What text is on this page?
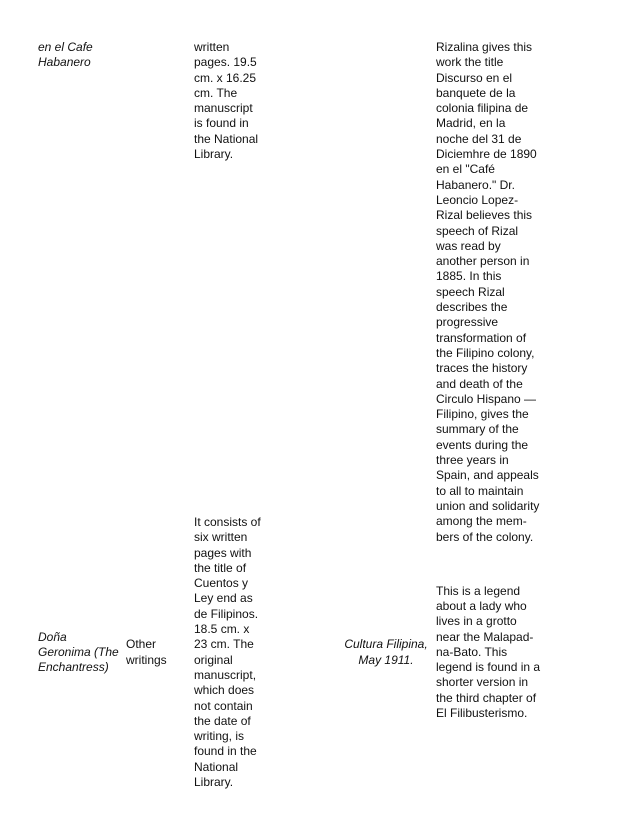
en el Cafe
Habanero

written
pages. 19.5
cm. x 16.25
cm. The
manuscript
is found in
the National
Library.

Rizalina gives this
work the title
Discurso en el
banquete de la
colonia filipina de
Madrid, en la
noche del 31 de
Diciemhre de 1890
en el "Café
Habanero." Dr.
Leoncio Lopez-
Rizal believes this
speech of Rizal
was read by
another person in
1885. In this
speech Rizal
describes the
progressive
transformation of
the Filipino colony,
traces the history
and death of the
Circulo Hispano —
Filipino, gives the
summary of the
events during the
three years in
Spain, and appeals
to all to maintain
union and solidarity
among the mem-
bers of the colony.

Doña
Geronima (The
Enchantress)
Other
writings

It consists of
six written
pages with
the title of
Cuentos y
Ley end as
de Filipinos.
18.5 cm. x
23 cm. The
original
manuscript,
which does
not contain
the date of
writing, is
found in the
National
Library.

Cultura Filipina,
May 1911.
This is a legend
about a lady who
lives in a grotto
near the Malapad-
na-Bato. This
legend is found in a
shorter version in
the third chapter of
El Filibusterismo.
